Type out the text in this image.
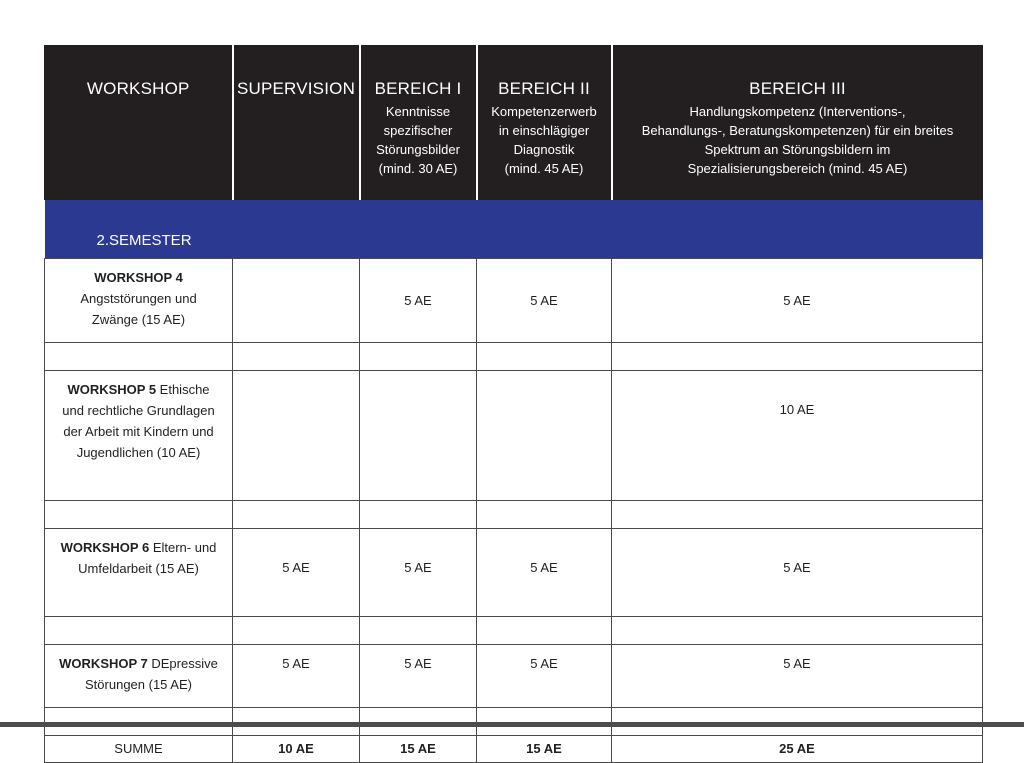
WORKSHOP	SUPERVISION	BEREICH I
Kenntnisse
spezifischer
Störungsbilder
(mind. 30 AE)	BEREICH II
Kompetenzerwerb
in einschlägiger
Diagnostik
(mind. 45 AE)	BEREICH III
Handlungskompetenz (Interventions-,
Behandlungs-, Beratungskompetenzen) für ein breites
Spektrum an Störungsbildern im
Spezialisierungsbereich (mind. 45 AE)

2.SEMESTER				
WORKSHOP 4
Angststörungen und
Zwänge (15 AE)		5 AE	5 AE	5 AE

WORKSHOP 5 Ethische
und rechtliche Grundlagen
der Arbeit mit Kindern und
Jugendlichen (10 AE)				10 AE

WORKSHOP 6 Eltern- und
Umfeldarbeit (15 AE)	5 AE	5 AE	5 AE	5 AE

WORKSHOP 7 DEpressive
Störungen (15 AE)	5 AE	5 AE	5 AE	5 AE

SUMME	10 AE	15 AE	15 AE	25 AE
